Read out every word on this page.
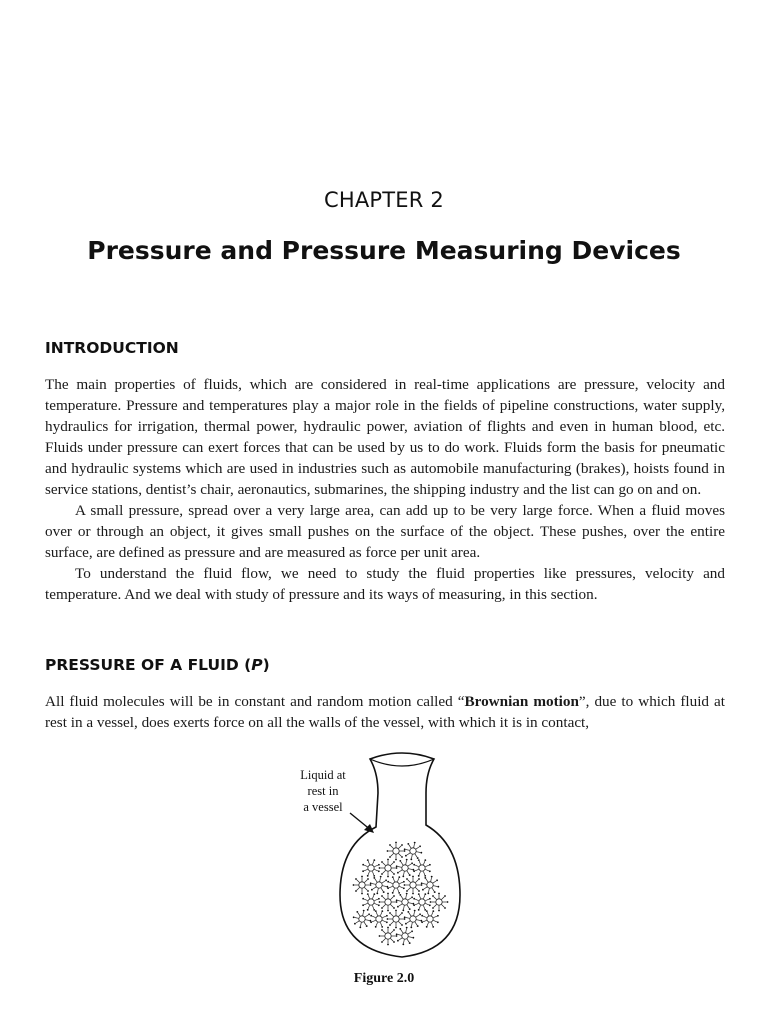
CHAPTER 2
Pressure and Pressure Measuring Devices
INTRODUCTION

The main properties of fluids, which are considered in real-time applications are pressure, velocity and temperature. Pressure and temperatures play a major role in the fields of pipeline constructions, water supply, hydraulics for irrigation, thermal power, hydraulic power, aviation of flights and even in human blood, etc. Fluids under pressure can exert forces that can be used by us to do work. Fluids form the basis for pneumatic and hydraulic systems which are used in industries such as automobile manufacturing (brakes), hoists found in service stations, dentist’s chair, aeronautics, submarines, the shipping industry and the list can go on and on.

A small pressure, spread over a very large area, can add up to be very large force. When a fluid moves over or through an object, it gives small pushes on the surface of the object. These pushes, over the entire surface, are defined as pressure and are measured as force per unit area.

To understand the fluid flow, we need to study the fluid properties like pressures, velocity and temperature. And we deal with study of pressure and its ways of measuring, in this section.

PRESSURE OF A FLUID (P)

All fluid molecules will be in constant and random motion called “Brownian motion”, due to which fluid at rest in a vessel, does exerts force on all the walls of the vessel, with which it is in contact,

Liquid at
rest in
a vessel
Figure 2.0
